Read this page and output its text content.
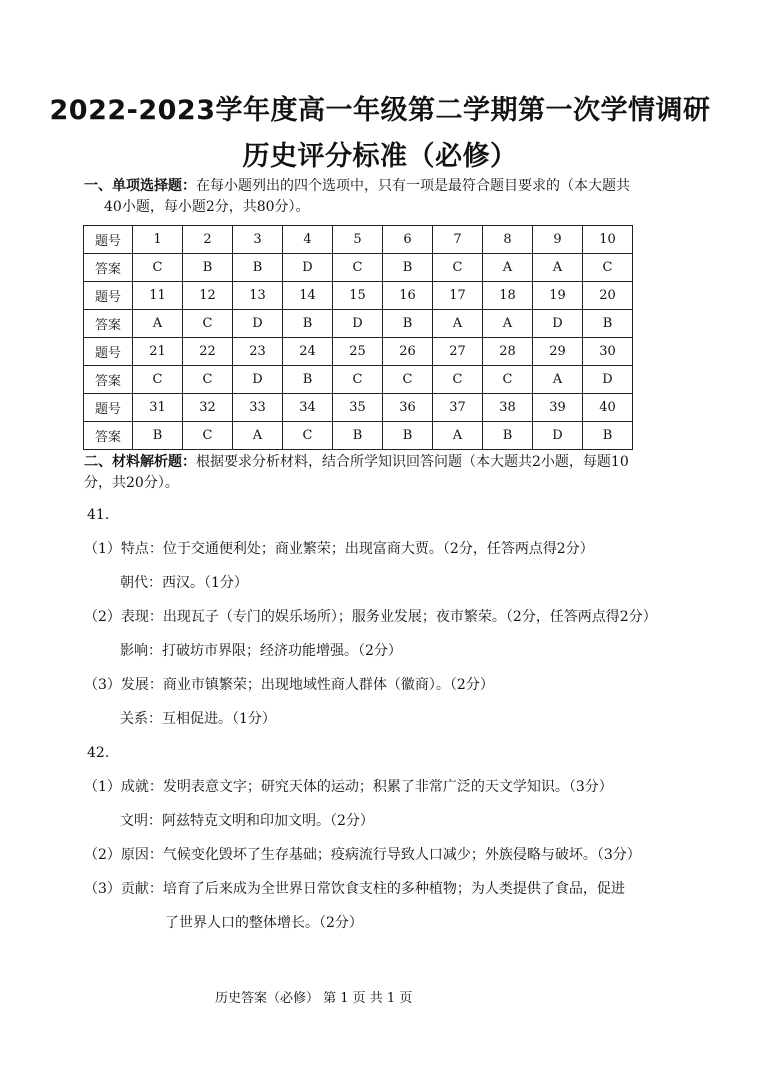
2022-2023学年度高一年级第二学期第一次学情调研
历史评分标准（必修）
一、单项选择题：在每小题列出的四个选项中，只有一项是最符合题目要求的（本大题共
40小题，每小题2分，共80分）。
题号	1	2	3	4	5	6	7	8	9	10
答案	C	B	B	D	C	B	C	A	A	C
题号	11	12	13	14	15	16	17	18	19	20
答案	A	C	D	B	D	B	A	A	D	B
题号	21	22	23	24	25	26	27	28	29	30
答案	C	C	D	B	C	C	C	C	A	D
题号	31	32	33	34	35	36	37	38	39	40
答案	B	C	A	C	B	B	A	B	D	B
二、材料解析题：根据要求分析材料，结合所学知识回答问题（本大题共2小题，每题10
分，共20分）。
41.
（1）特点：位于交通便利处；商业繁荣；出现富商大贾。（2分，任答两点得2分）
朝代：西汉。（1分）
（2）表现：出现瓦子（专门的娱乐场所）；服务业发展；夜市繁荣。（2分，任答两点得2分）
影响：打破坊市界限；经济功能增强。（2分）
（3）发展：商业市镇繁荣；出现地域性商人群体（徽商）。（2分）
关系：互相促进。（1分）
42.
（1）成就：发明表意文字；研究天体的运动；积累了非常广泛的天文学知识。（3分）
文明：阿兹特克文明和印加文明。（2分）
（2）原因：气候变化毁坏了生存基础；疫病流行导致人口减少；外族侵略与破坏。（3分）
（3）贡献：培育了后来成为全世界日常饮食支柱的多种植物；为人类提供了食品，促进
了世界人口的整体增长。（2分）
历史答案（必修） 第 1 页 共 1 页
